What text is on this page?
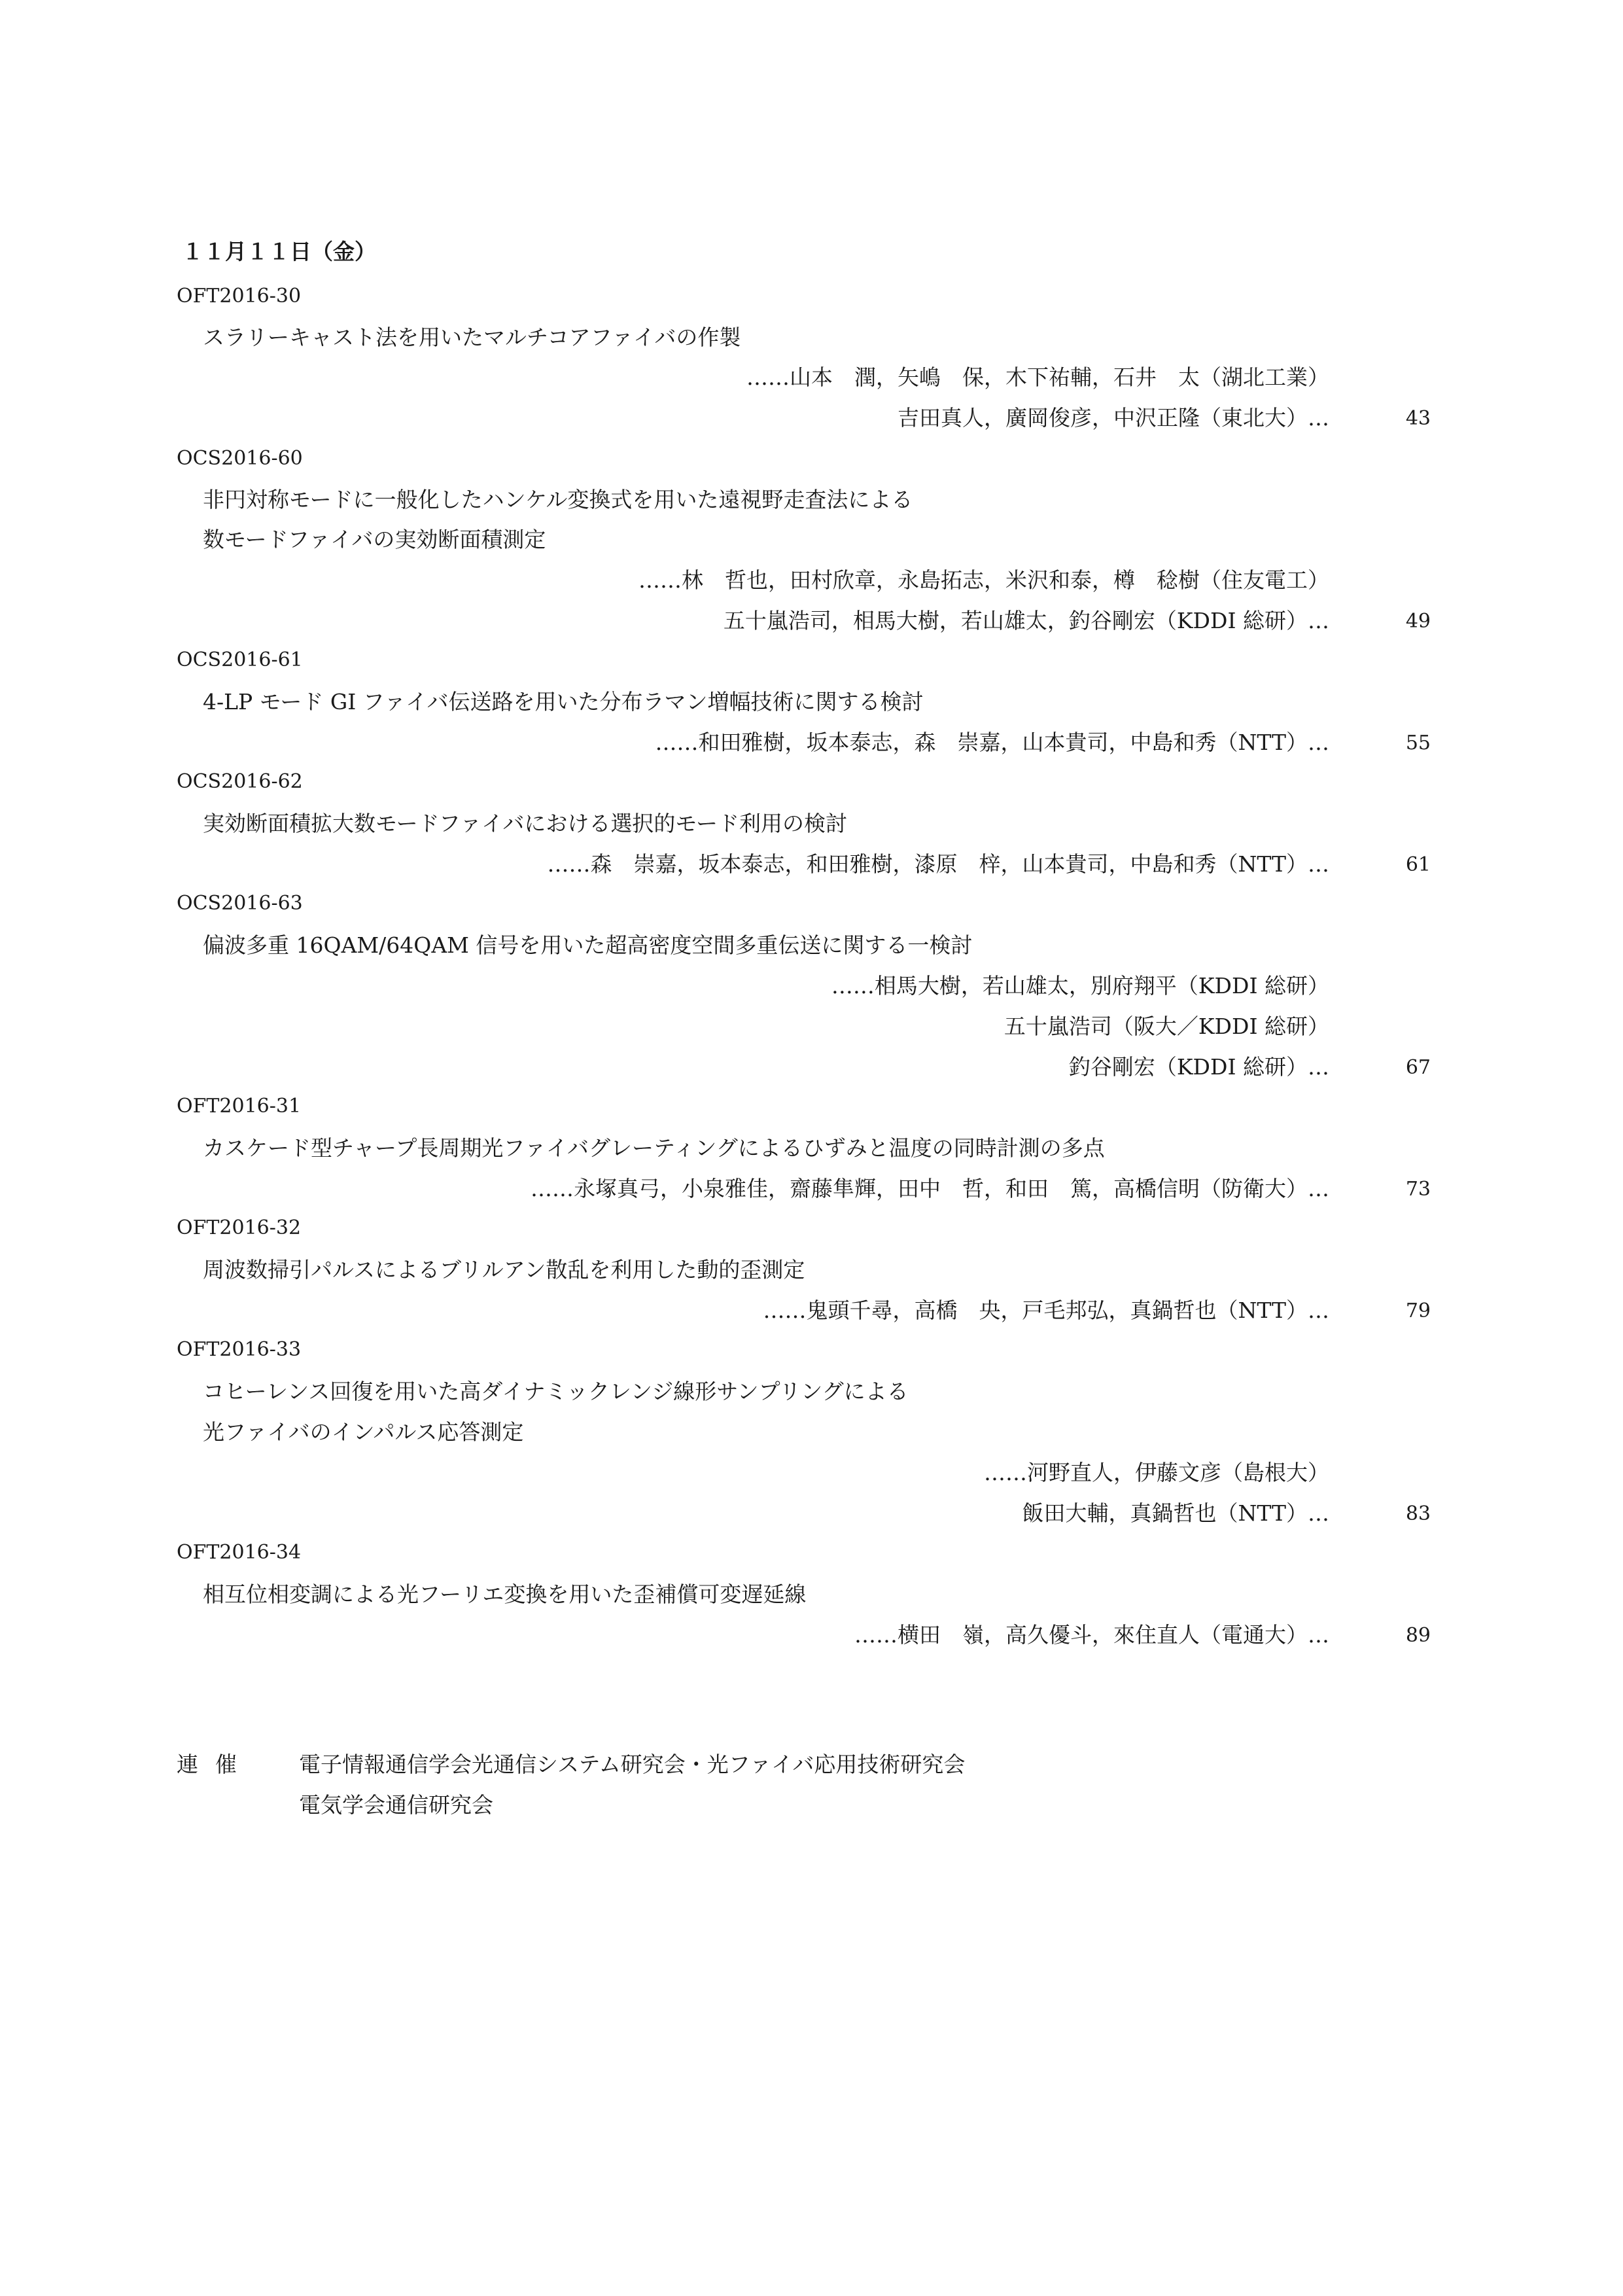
１１月１１日（金）
OFT2016-30
スラリーキャスト法を用いたマルチコアファイバの作製
……山本　潤，矢嶋　保，木下祐輔，石井　太（湖北工業）
吉田真人，廣岡俊彦，中沢正隆（東北大）…	43
OCS2016-60
非円対称モードに一般化したハンケル変換式を用いた遠視野走査法による
数モードファイバの実効断面積測定
……林　哲也，田村欣章，永島拓志，米沢和泰，樽　稔樹（住友電工）
五十嵐浩司，相馬大樹，若山雄太，釣谷剛宏（KDDI 総研）…	49
OCS2016-61
4-LP モード GI ファイバ伝送路を用いた分布ラマン増幅技術に関する検討
……和田雅樹，坂本泰志，森　崇嘉，山本貴司，中島和秀（NTT）…	55
OCS2016-62
実効断面積拡大数モードファイバにおける選択的モード利用の検討
……森　崇嘉，坂本泰志，和田雅樹，漆原　梓，山本貴司，中島和秀（NTT）…	61
OCS2016-63
偏波多重 16QAM/64QAM 信号を用いた超高密度空間多重伝送に関する一検討
……相馬大樹，若山雄太，別府翔平（KDDI 総研）
五十嵐浩司（阪大／KDDI 総研）
釣谷剛宏（KDDI 総研）…	67
OFT2016-31
カスケード型チャープ長周期光ファイバグレーティングによるひずみと温度の同時計測の多点
……永塚真弓，小泉雅佳，齋藤隼輝，田中　哲，和田　篤，高橋信明（防衛大）…	73
OFT2016-32
周波数掃引パルスによるブリルアン散乱を利用した動的歪測定
……鬼頭千尋，高橋　央，戸毛邦弘，真鍋哲也（NTT）…	79
OFT2016-33
コヒーレンス回復を用いた高ダイナミックレンジ線形サンプリングによる
光ファイバのインパルス応答測定
……河野直人，伊藤文彦（島根大）
飯田大輔，真鍋哲也（NTT）…	83
OFT2016-34
相互位相変調による光フーリエ変換を用いた歪補償可変遅延線
……横田　嶺，高久優斗，來住直人（電通大）…	89
連催 電子情報通信学会光通信システム研究会・光ファイバ応用技術研究会
電気学会通信研究会
